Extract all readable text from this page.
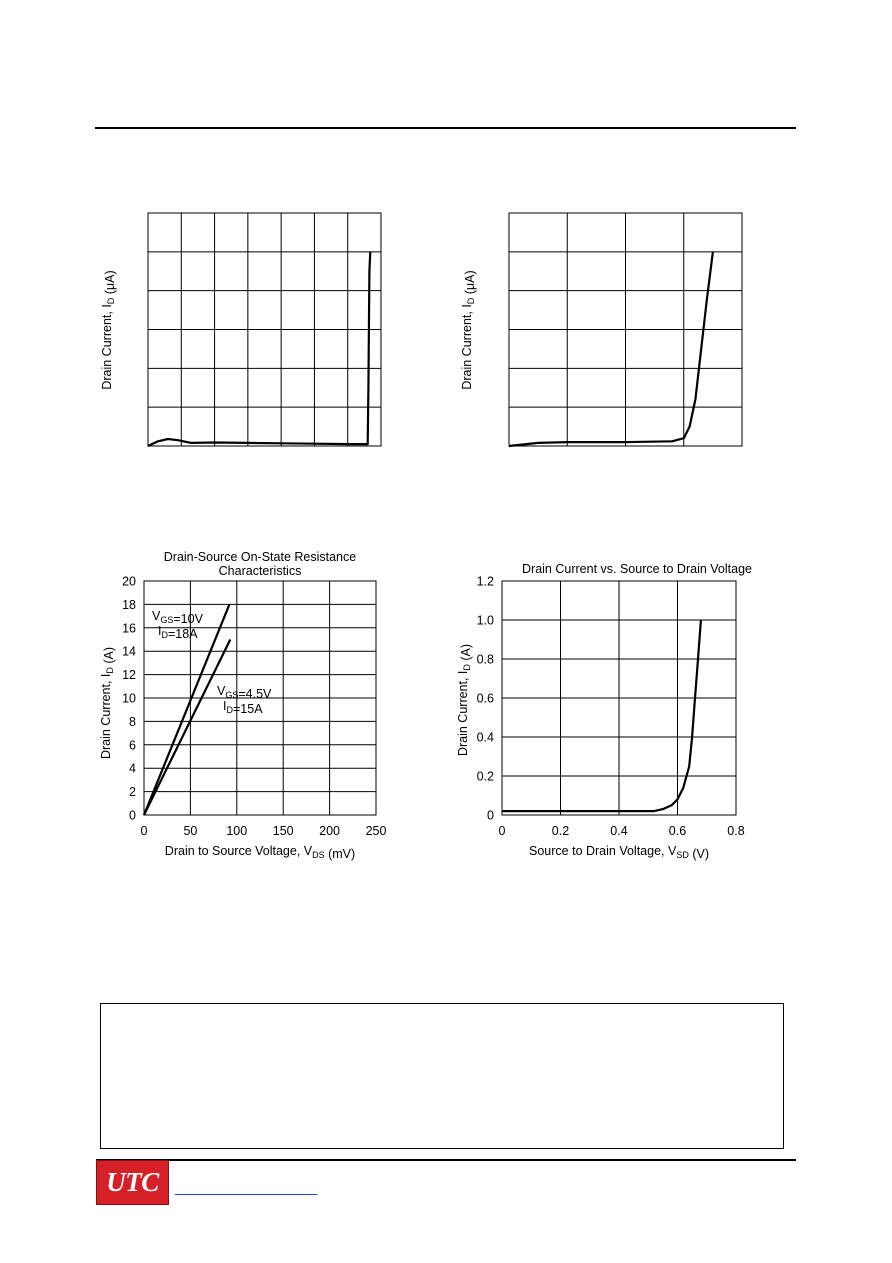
Drain Current, $I_D$ (μA)
Drain Current, $I_D$ (μA)
0	50 100 150 200 250
0
2
4
6
8
10
12
14
16
18
20
Drain Current, $I_D$ (A)
Drain to Source Voltage, $V_{DS}$ (mV)
Drain-Source On-State Resistance
Characteristics
$V_{GS}=10V$
$I_D=18A$
$V_{GS}=4.5V$
$I_D=15A$
0	0.2	0.4	0.6	0.8
0
0.2
0.4
0.6
0.8
1.0
1.2
Drain Current, $I_D$ (A)
Source to Drain Voltage, $V_{SD}$ (V)
Drain Current vs. Source to Drain Voltage
UTC
